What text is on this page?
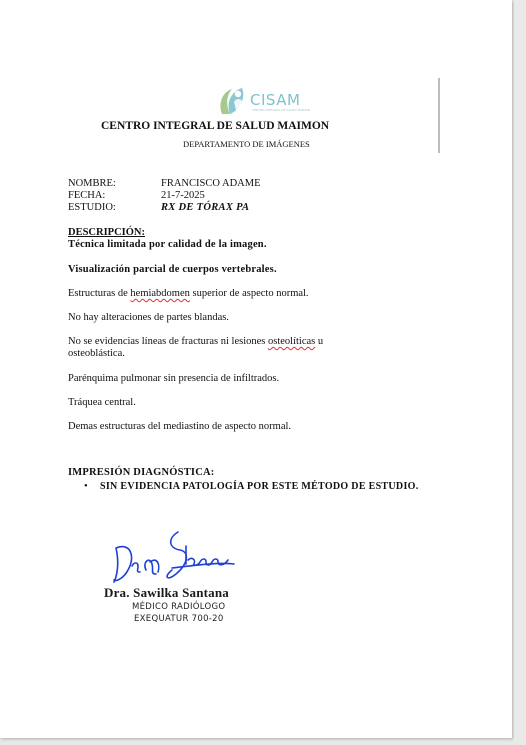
CISAM
CENTRO INTEGRAL DE SALUD MAIMON
CENTRO INTEGRAL DE SALUD MAIMON
DEPARTAMENTO DE IMÁGENES
NOMBRE:	FRANCISCO ADAME
FECHA:	21-7-2025
ESTUDIO:	RX DE TÓRAX PA
DESCRIPCIÓN:
Técnica limitada por calidad de la imagen.
Visualización parcial de cuerpos vertebrales.
Estructuras de hemiabdomen superior de aspecto normal.
No hay alteraciones de partes blandas.
No se evidencias líneas de fracturas ni lesiones osteolíticas u
osteoblástica.
Parénquima pulmonar sin presencia de infiltrados.
Tráquea central.
Demas estructuras del mediastino de aspecto normal.
IMPRESIÓN DIAGNÓSTICA:
• SIN EVIDENCIA PATOLOGÍA POR ESTE MÉTODO DE ESTUDIO.
Dra. Sawilka Santana
MÉDICO RADIÓLOGO
EXEQUATUR 700-20
